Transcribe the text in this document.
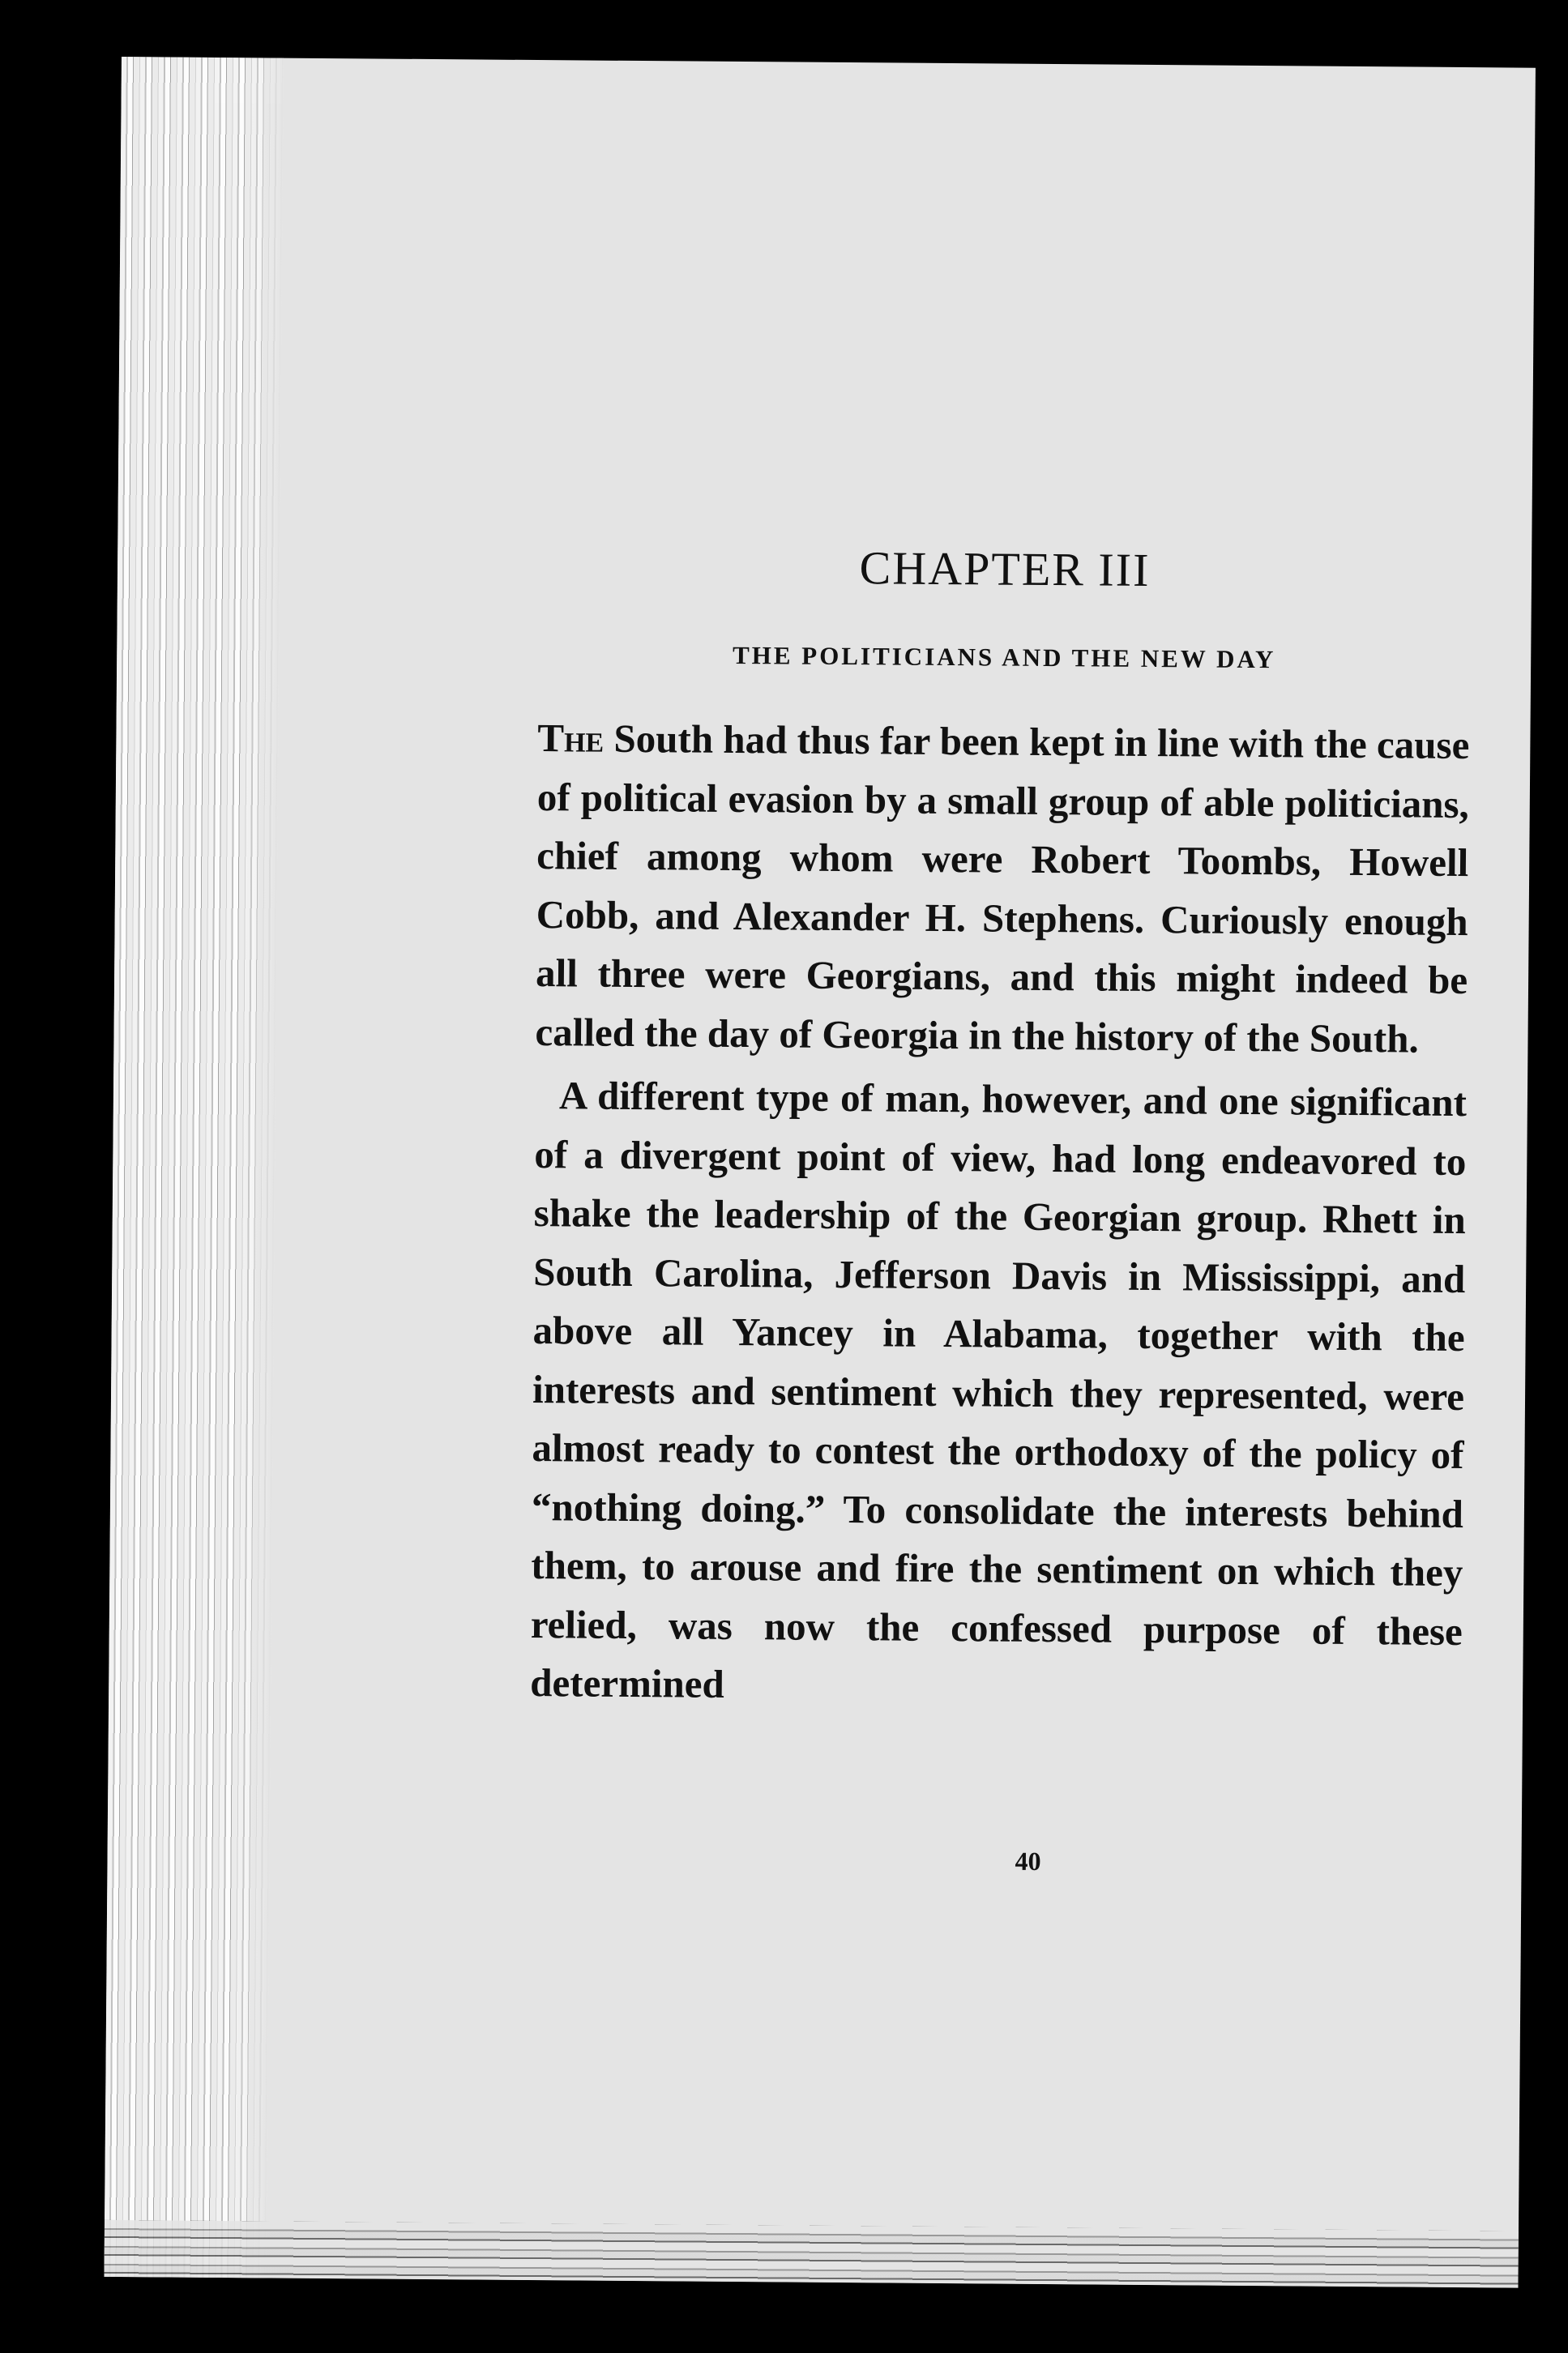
CHAPTER III
THE POLITICIANS AND THE NEW DAY

The South had thus far been kept in line with the cause of political evasion by a small group of able politicians, chief among whom were Robert Toombs, Howell Cobb, and Alexander H. Stephens. Curiously enough all three were Georgians, and this might indeed be called the day of Georgia in the history of the South.

A different type of man, however, and one significant of a divergent point of view, had long endeavored to shake the leadership of the Georgian group. Rhett in South Carolina, Jefferson Davis in Mississippi, and above all Yancey in Alabama, together with the interests and sentiment which they represented, were almost ready to contest the orthodoxy of the policy of “nothing doing.” To consolidate the interests behind them, to arouse and fire the sentiment on which they relied, was now the confessed purpose of these determined

40
